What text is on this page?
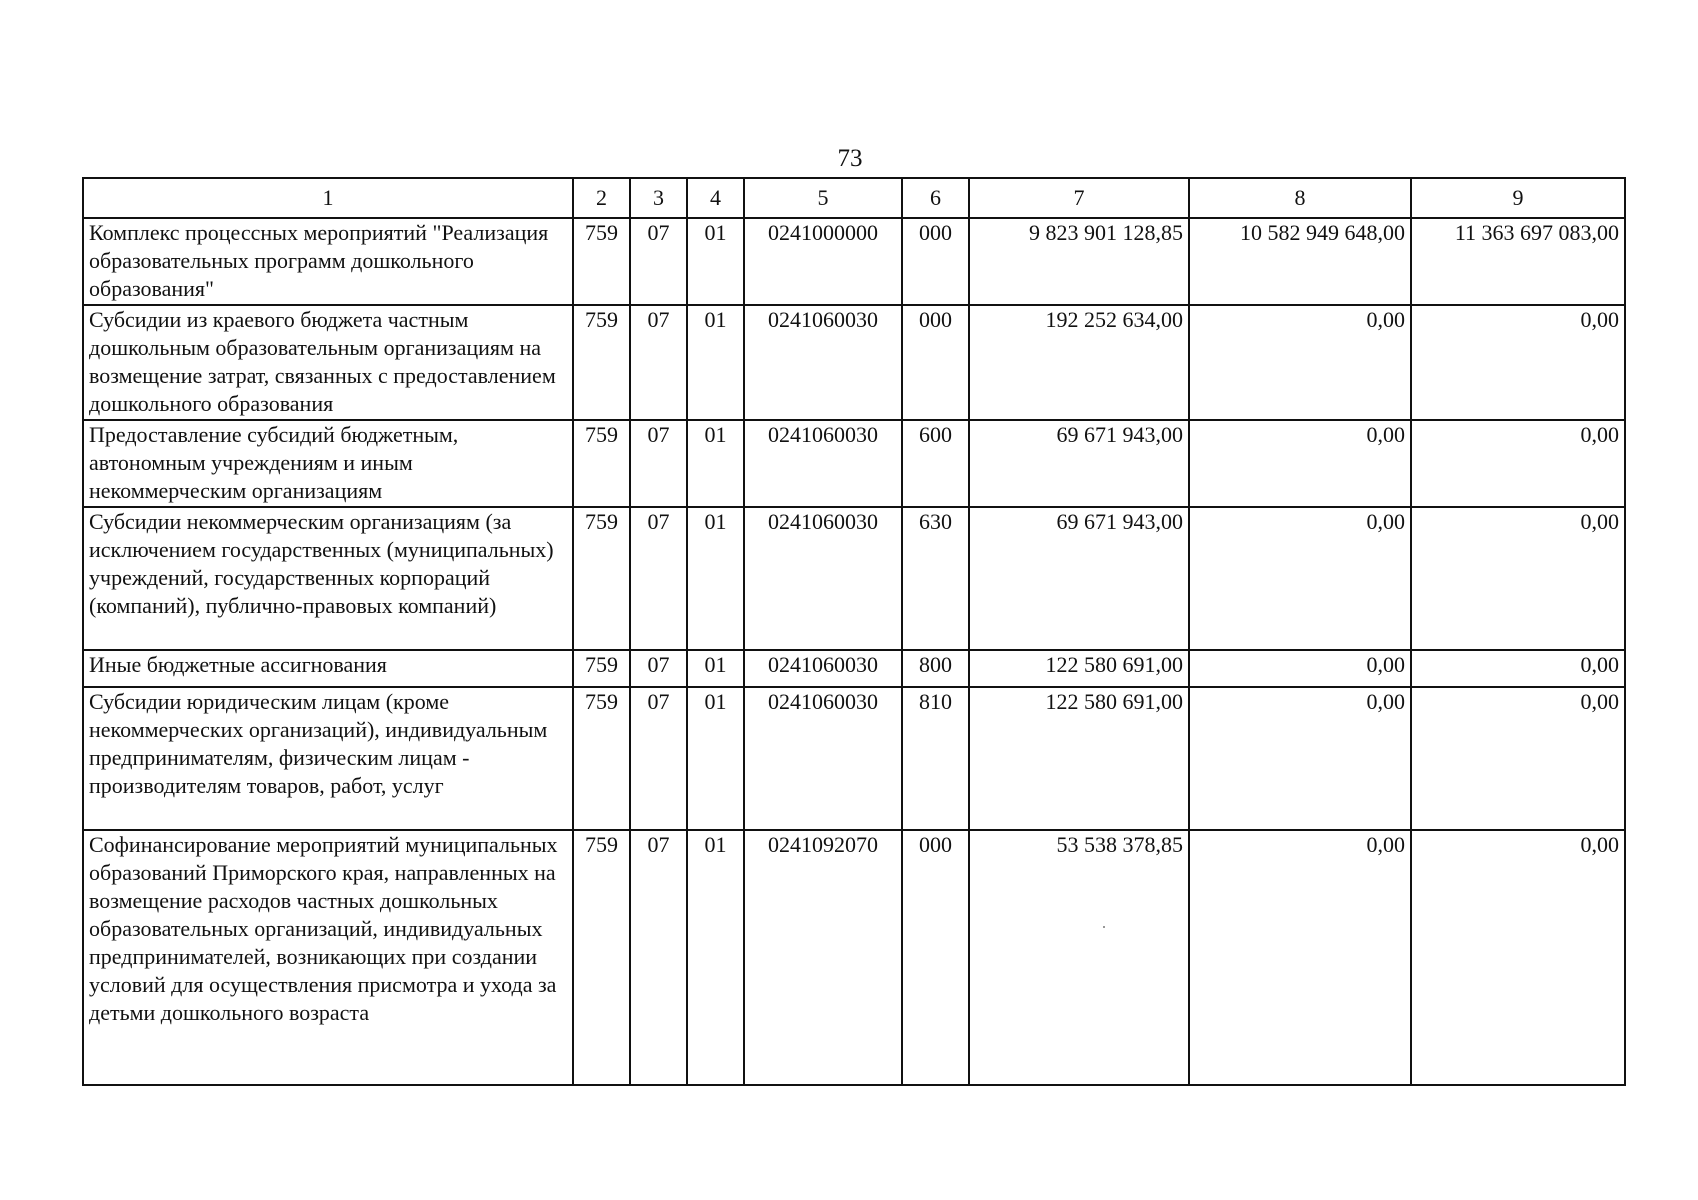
73
1	2	3	4	5	6	7	8	9
Комплекс процессных мероприятий "Реализация образовательных программ дошкольного образования"	759	07	01	0241000000	000	9 823 901 128,85	10 582 949 648,00	11 363 697 083,00
Субсидии из краевого бюджета частным дошкольным образовательным организациям на возмещение затрат, связанных с предоставлением дошкольного образования	759	07	01	0241060030	000	192 252 634,00	0,00	0,00
Предоставление субсидий бюджетным, автономным учреждениям и иным некоммерческим организациям	759	07	01	0241060030	600	69 671 943,00	0,00	0,00
Субсидии некоммерческим организациям (за исключением государственных (муниципальных) учреждений, государственных корпораций (компаний), публично-правовых компаний)	759	07	01	0241060030	630	69 671 943,00	0,00	0,00
Иные бюджетные ассигнования	759	07	01	0241060030	800	122 580 691,00	0,00	0,00
Субсидии юридическим лицам (кроме некоммерческих организаций), индивидуальным предпринимателям, физическим лицам - производителям товаров, работ, услуг	759	07	01	0241060030	810	122 580 691,00	0,00	0,00
Софинансирование мероприятий муниципальных образований Приморского края, направленных на возмещение расходов частных дошкольных образовательных организаций, индивидуальных предпринимателей, возникающих при создании условий для осуществления присмотра и ухода за детьми дошкольного возраста	759	07	01	0241092070	000	53 538 378,85	0,00	0,00
